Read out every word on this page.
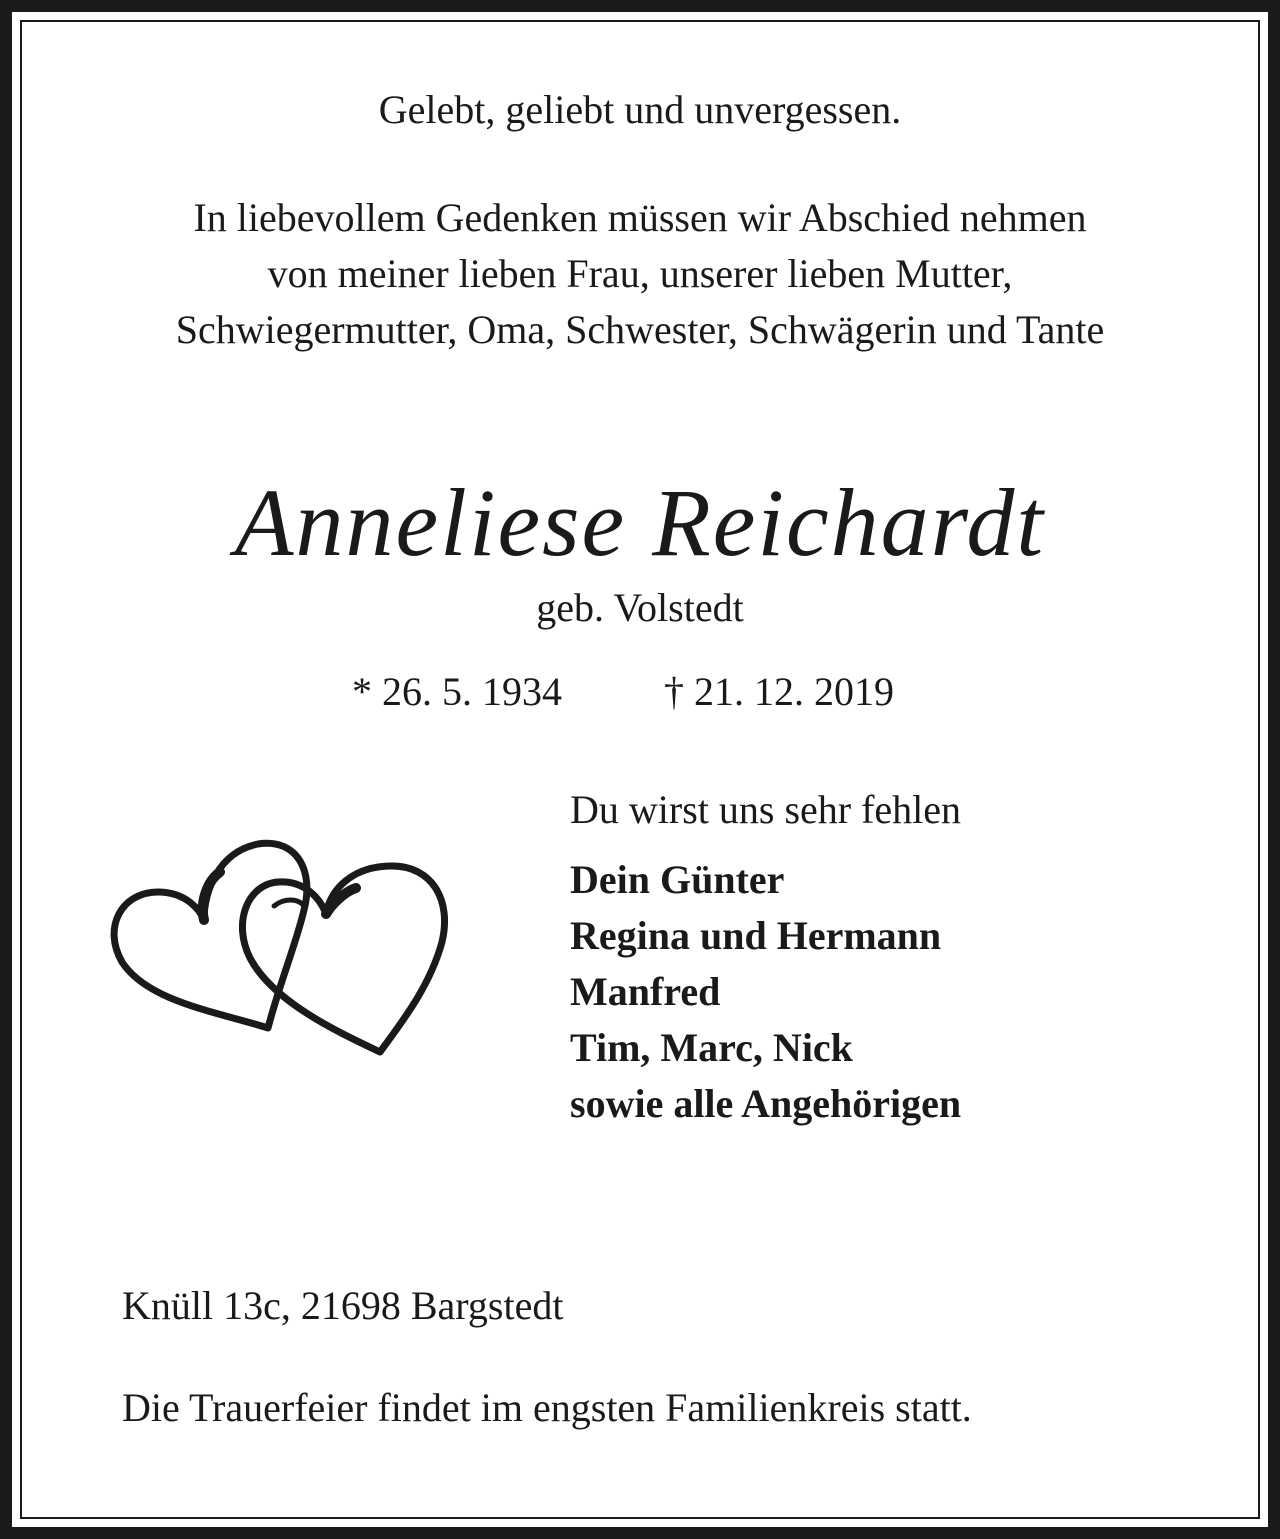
Gelebt, geliebt und unvergessen.
In liebevollem Gedenken müssen wir Abschied nehmen
von meiner lieben Frau, unserer lieben Mutter,
Schwiegermutter, Oma, Schwester, Schwägerin und Tante
Anneliese Reichardt
geb. Volstedt
* 26. 5. 1934	† 21. 12. 2019
Du wirst uns sehr fehlen
Dein Günter
Regina und Hermann
Manfred
Tim, Marc, Nick
sowie alle Angehörigen
Knüll 13c, 21698 Bargstedt
Die Trauerfeier findet im engsten Familienkreis statt.
